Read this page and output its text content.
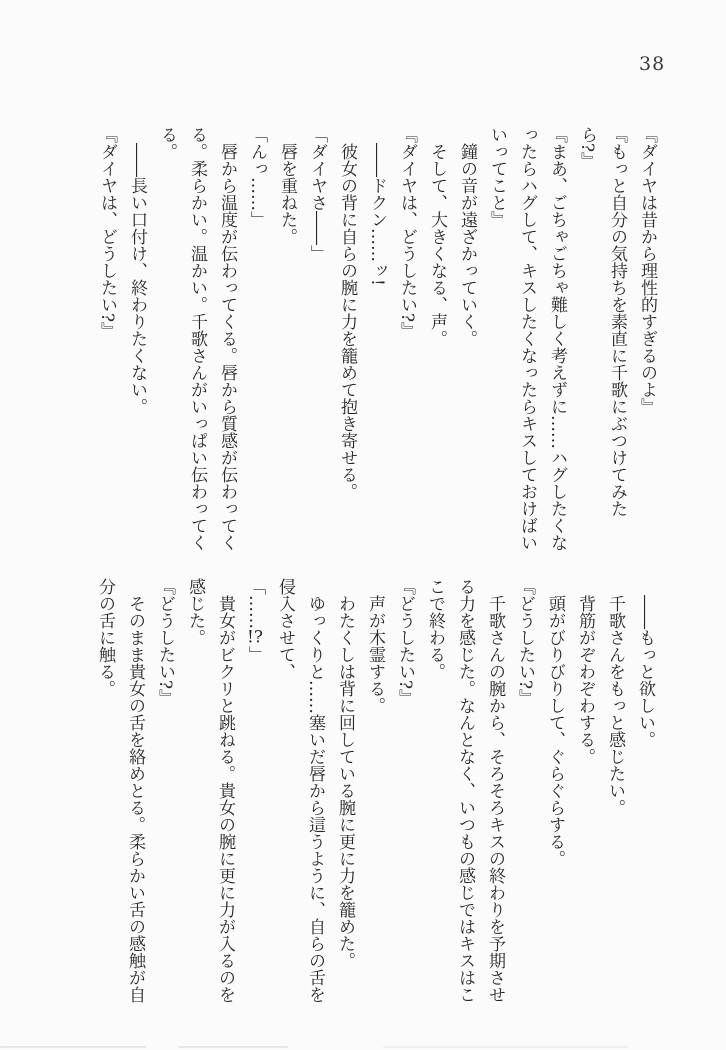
38

『ダイヤは昔から理性的すぎるのよ』

『もっと自分の気持ちを素直に千歌にぶつけてみた

ら?』

『まあ、ごちゃごちゃ難しく考えずに……ハグしたくな

ったらハグして、キスしたくなったらキスしておけばい

いってこと』

鐘の音が遠ざかっていく。

そして、大きくなる、声。

『ダイヤは、どうしたい?』

――ドクン……ッ!

彼女の背に自らの腕に力を籠めて抱き寄せる。

「ダイヤさ――」

唇を重ねた。

「んっ……」

唇から温度が伝わってくる。唇から質感が伝わってく

る。柔らかい。温かい。千歌さんがいっぱい伝わってく

る。

――長い口付け、終わりたくない。

『ダイヤは、どうしたい?』

――もっと欲しい。

千歌さんをもっと感じたい。

背筋がぞわぞわする。

頭がびりびりして、ぐらぐらする。

『どうしたい?』

千歌さんの腕から、そろそろキスの終わりを予期させ

る力を感じた。なんとなく、いつもの感じではキスはこ

こで終わる。

『どうしたい?』

声が木霊する。

わたくしは背に回している腕に更に力を籠めた。

ゆっくりと……塞いだ唇から這うように、自らの舌を

侵入させて、

「……!?」

貴女がビクリと跳ねる。貴女の腕に更に力が入るのを

感じた。

『どうしたい?』

そのまま貴女の舌を絡めとる。柔らかい舌の感触が自

分の舌に触る。
